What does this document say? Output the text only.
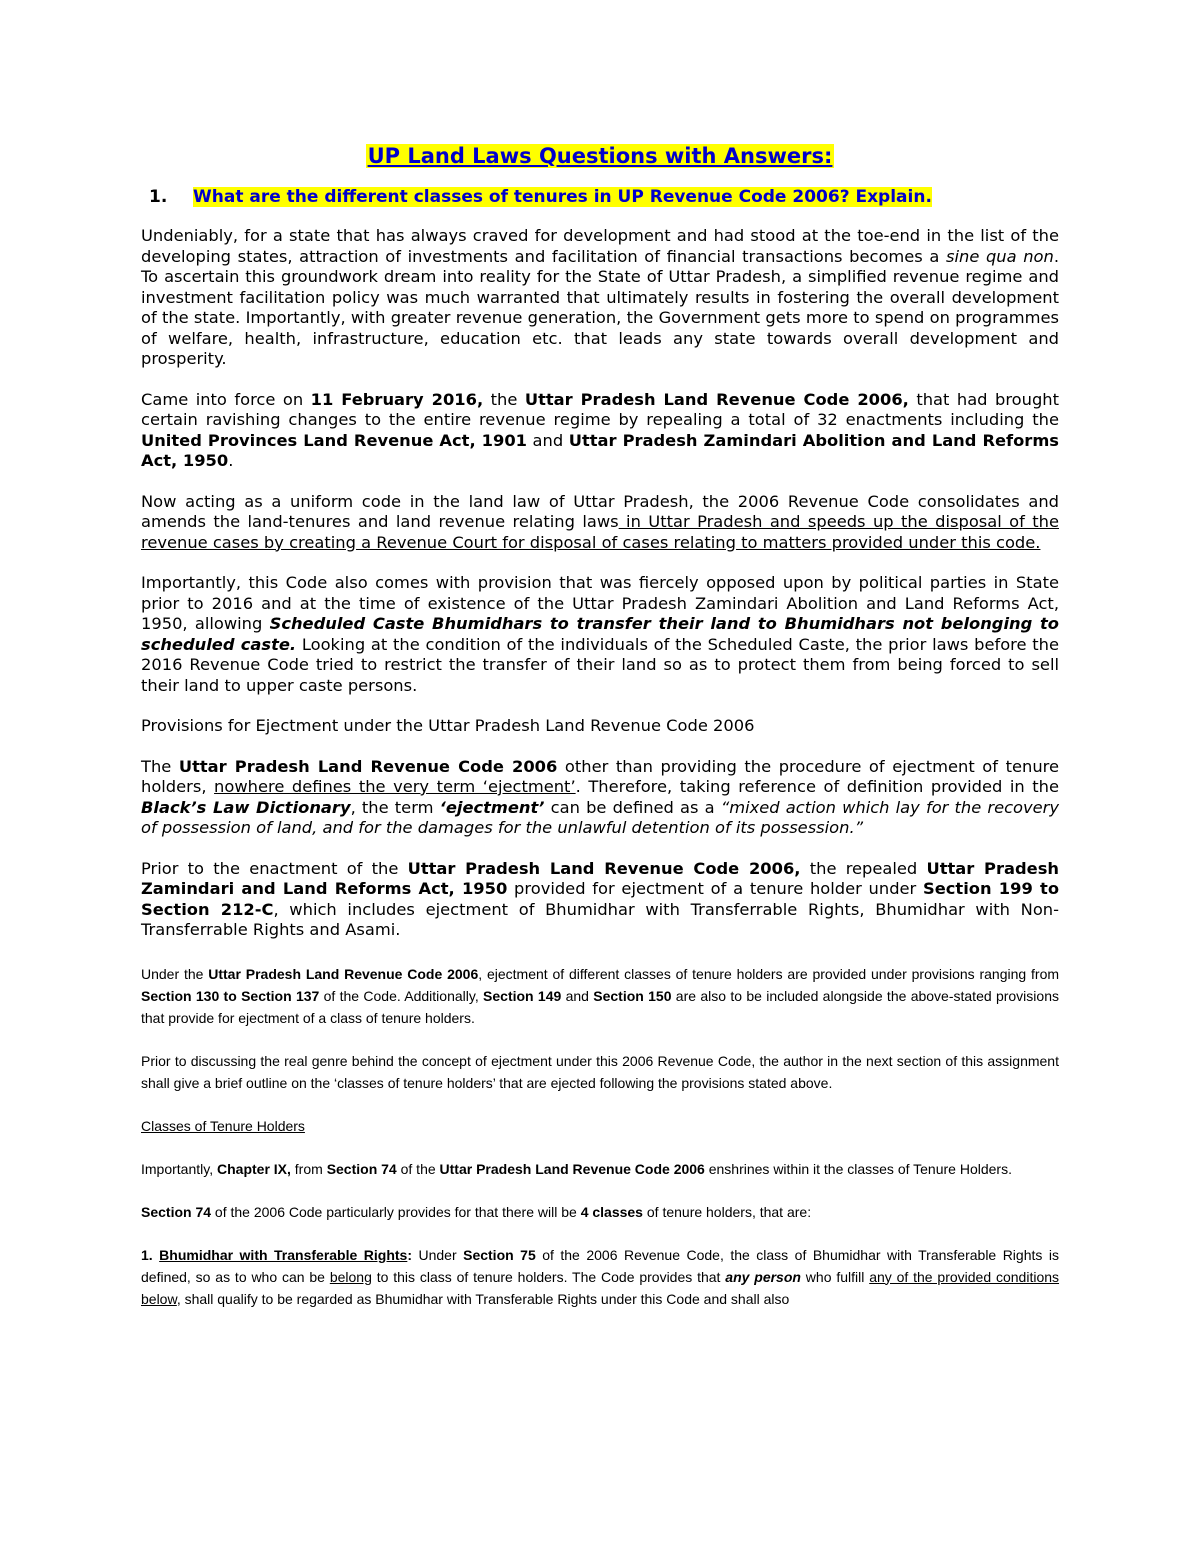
UP Land Laws Questions with Answers:

1. What are the different classes of tenures in UP Revenue Code 2006? Explain.

Undeniably, for a state that has always craved for development and had stood at the toe-end in the list of the developing states, attraction of investments and facilitation of financial transactions becomes a sine qua non. To ascertain this groundwork dream into reality for the State of Uttar Pradesh, a simplified revenue regime and investment facilitation policy was much warranted that ultimately results in fostering the overall development of the state. Importantly, with greater revenue generation, the Government gets more to spend on programmes of welfare, health, infrastructure, education etc. that leads any state towards overall development and prosperity.

Came into force on 11 February 2016, the Uttar Pradesh Land Revenue Code 2006, that had brought certain ravishing changes to the entire revenue regime by repealing a total of 32 enactments including the United Provinces Land Revenue Act, 1901 and Uttar Pradesh Zamindari Abolition and Land Reforms Act, 1950.

Now acting as a uniform code in the land law of Uttar Pradesh, the 2006 Revenue Code consolidates and amends the land-tenures and land revenue relating laws in Uttar Pradesh and speeds up the disposal of the revenue cases by creating a Revenue Court for disposal of cases relating to matters provided under this code.

Importantly, this Code also comes with provision that was fiercely opposed upon by political parties in State prior to 2016 and at the time of existence of the Uttar Pradesh Zamindari Abolition and Land Reforms Act, 1950, allowing Scheduled Caste Bhumidhars to transfer their land to Bhumidhars not belonging to scheduled caste. Looking at the condition of the individuals of the Scheduled Caste, the prior laws before the 2016 Revenue Code tried to restrict the transfer of their land so as to protect them from being forced to sell their land to upper caste persons.

Provisions for Ejectment under the Uttar Pradesh Land Revenue Code 2006

The Uttar Pradesh Land Revenue Code 2006 other than providing the procedure of ejectment of tenure holders, nowhere defines the very term ‘ejectment’. Therefore, taking reference of definition provided in the Black’s Law Dictionary, the term ‘ejectment’ can be defined as a “mixed action which lay for the recovery of possession of land, and for the damages for the unlawful detention of its possession.”

Prior to the enactment of the Uttar Pradesh Land Revenue Code 2006, the repealed Uttar Pradesh Zamindari and Land Reforms Act, 1950 provided for ejectment of a tenure holder under Section 199 to Section 212-C, which includes ejectment of Bhumidhar with Transferrable Rights, Bhumidhar with Non-Transferrable Rights and Asami.

Under the Uttar Pradesh Land Revenue Code 2006, ejectment of different classes of tenure holders are provided under provisions ranging from Section 130 to Section 137 of the Code. Additionally, Section 149 and Section 150 are also to be included alongside the above-stated provisions that provide for ejectment of a class of tenure holders.

Prior to discussing the real genre behind the concept of ejectment under this 2006 Revenue Code, the author in the next section of this assignment shall give a brief outline on the ‘classes of tenure holders’ that are ejected following the provisions stated above.

Classes of Tenure Holders

Importantly, Chapter IX, from Section 74 of the Uttar Pradesh Land Revenue Code 2006 enshrines within it the classes of Tenure Holders.

Section 74 of the 2006 Code particularly provides for that there will be 4 classes of tenure holders, that are:

1. Bhumidhar with Transferable Rights: Under Section 75 of the 2006 Revenue Code, the class of Bhumidhar with Transferable Rights is defined, so as to who can be belong to this class of tenure holders. The Code provides that any person who fulfill any of the provided conditions below, shall qualify to be regarded as Bhumidhar with Transferable Rights under this Code and shall also
